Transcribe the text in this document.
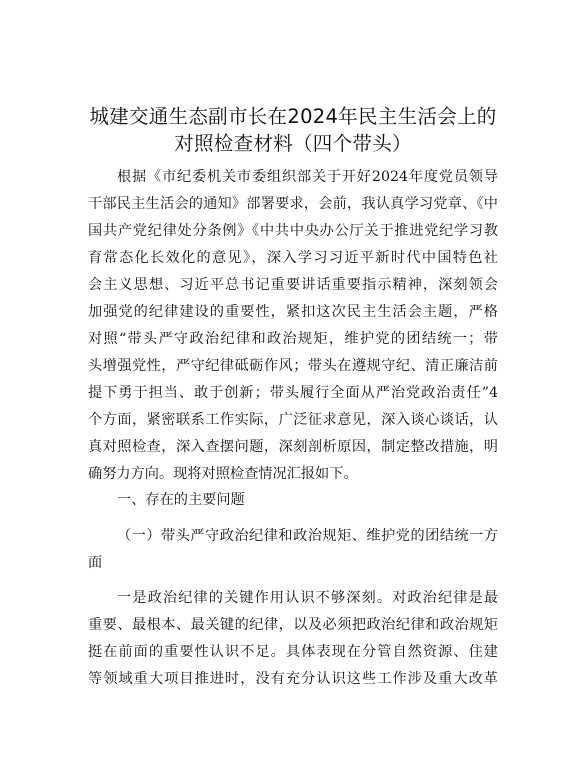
城建交通生态副市长在2024年民主生活会上的
对照检查材料（四个带头）
根据《市纪委机关市委组织部关于开好2024年度党员领导
干部民主生活会的通知》部署要求，会前，我认真学习党章、《中
国共产党纪律处分条例》《中共中央办公厅关于推进党纪学习教
育常态化长效化的意见》，深入学习习近平新时代中国特色社
会主义思想、习近平总书记重要讲话重要指示精神，深刻领会
加强党的纪律建设的重要性，紧扣这次民主生活会主题，严格
对照“带头严守政治纪律和政治规矩，维护党的团结统一；带
头增强党性，严守纪律砥砺作风；带头在遵规守纪、清正廉洁前
提下勇于担当、敢于创新；带头履行全面从严治党政治责任”4
个方面，紧密联系工作实际，广泛征求意见，深入谈心谈话，认
真对照检查，深入查摆问题，深刻剖析原因，制定整改措施，明
确努力方向。现将对照检查情况汇报如下。
一、存在的主要问题
（一）带头严守政治纪律和政治规矩、维护党的团结统一方
面
一是政治纪律的关键作用认识不够深刻。对政治纪律是最
重要、最根本、最关键的纪律，以及必须把政治纪律和政治规矩
挺在前面的重要性认识不足。具体表现在分管自然资源、住建
等领域重大项目推进时，没有充分认识这些工作涉及重大改革
